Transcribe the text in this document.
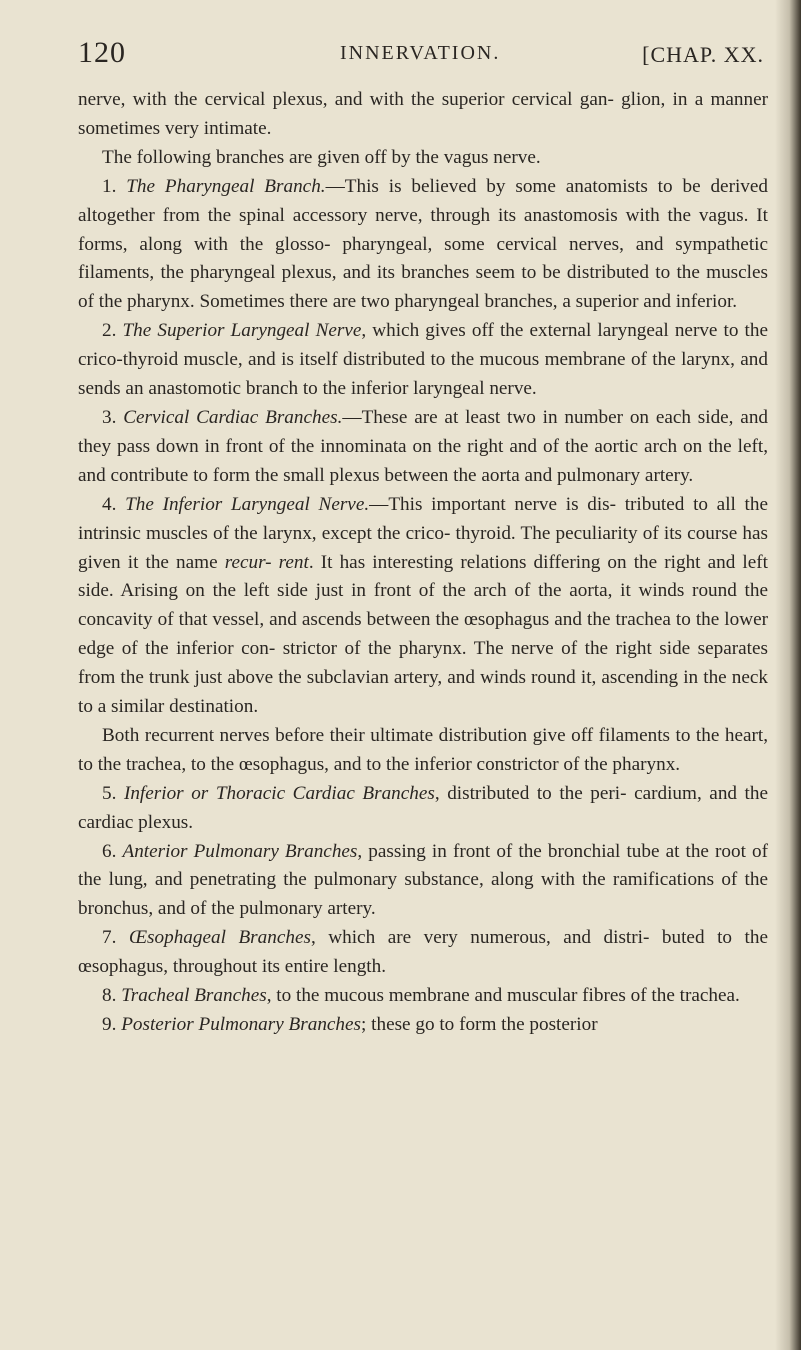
120	INNERVATION.	[CHAP. XX.

nerve, with the cervical plexus, and with the superior cervical gan- glion, in a manner sometimes very intimate.

The following branches are given off by the vagus nerve.

1. The Pharyngeal Branch.—This is believed by some anatomists to be derived altogether from the spinal accessory nerve, through its anastomosis with the vagus. It forms, along with the glosso- pharyngeal, some cervical nerves, and sympathetic filaments, the pharyngeal plexus, and its branches seem to be distributed to the muscles of the pharynx. Sometimes there are two pharyngeal branches, a superior and inferior.

2. The Superior Laryngeal Nerve, which gives off the external laryngeal nerve to the crico-thyroid muscle, and is itself distributed to the mucous membrane of the larynx, and sends an anastomotic branch to the inferior laryngeal nerve.

3. Cervical Cardiac Branches.—These are at least two in number on each side, and they pass down in front of the innominata on the right and of the aortic arch on the left, and contribute to form the small plexus between the aorta and pulmonary artery.

4. The Inferior Laryngeal Nerve.—This important nerve is dis- tributed to all the intrinsic muscles of the larynx, except the crico- thyroid. The peculiarity of its course has given it the name recur- rent. It has interesting relations differing on the right and left side. Arising on the left side just in front of the arch of the aorta, it winds round the concavity of that vessel, and ascends between the œsophagus and the trachea to the lower edge of the inferior con- strictor of the pharynx. The nerve of the right side separates from the trunk just above the subclavian artery, and winds round it, ascending in the neck to a similar destination.

Both recurrent nerves before their ultimate distribution give off filaments to the heart, to the trachea, to the œsophagus, and to the inferior constrictor of the pharynx.

5. Inferior or Thoracic Cardiac Branches, distributed to the peri- cardium, and the cardiac plexus.

6. Anterior Pulmonary Branches, passing in front of the bronchial tube at the root of the lung, and penetrating the pulmonary substance, along with the ramifications of the bronchus, and of the pulmonary artery.

7. Œsophageal Branches, which are very numerous, and distri- buted to the œsophagus, throughout its entire length.

8. Tracheal Branches, to the mucous membrane and muscular fibres of the trachea.

9. Posterior Pulmonary Branches; these go to form the posterior
